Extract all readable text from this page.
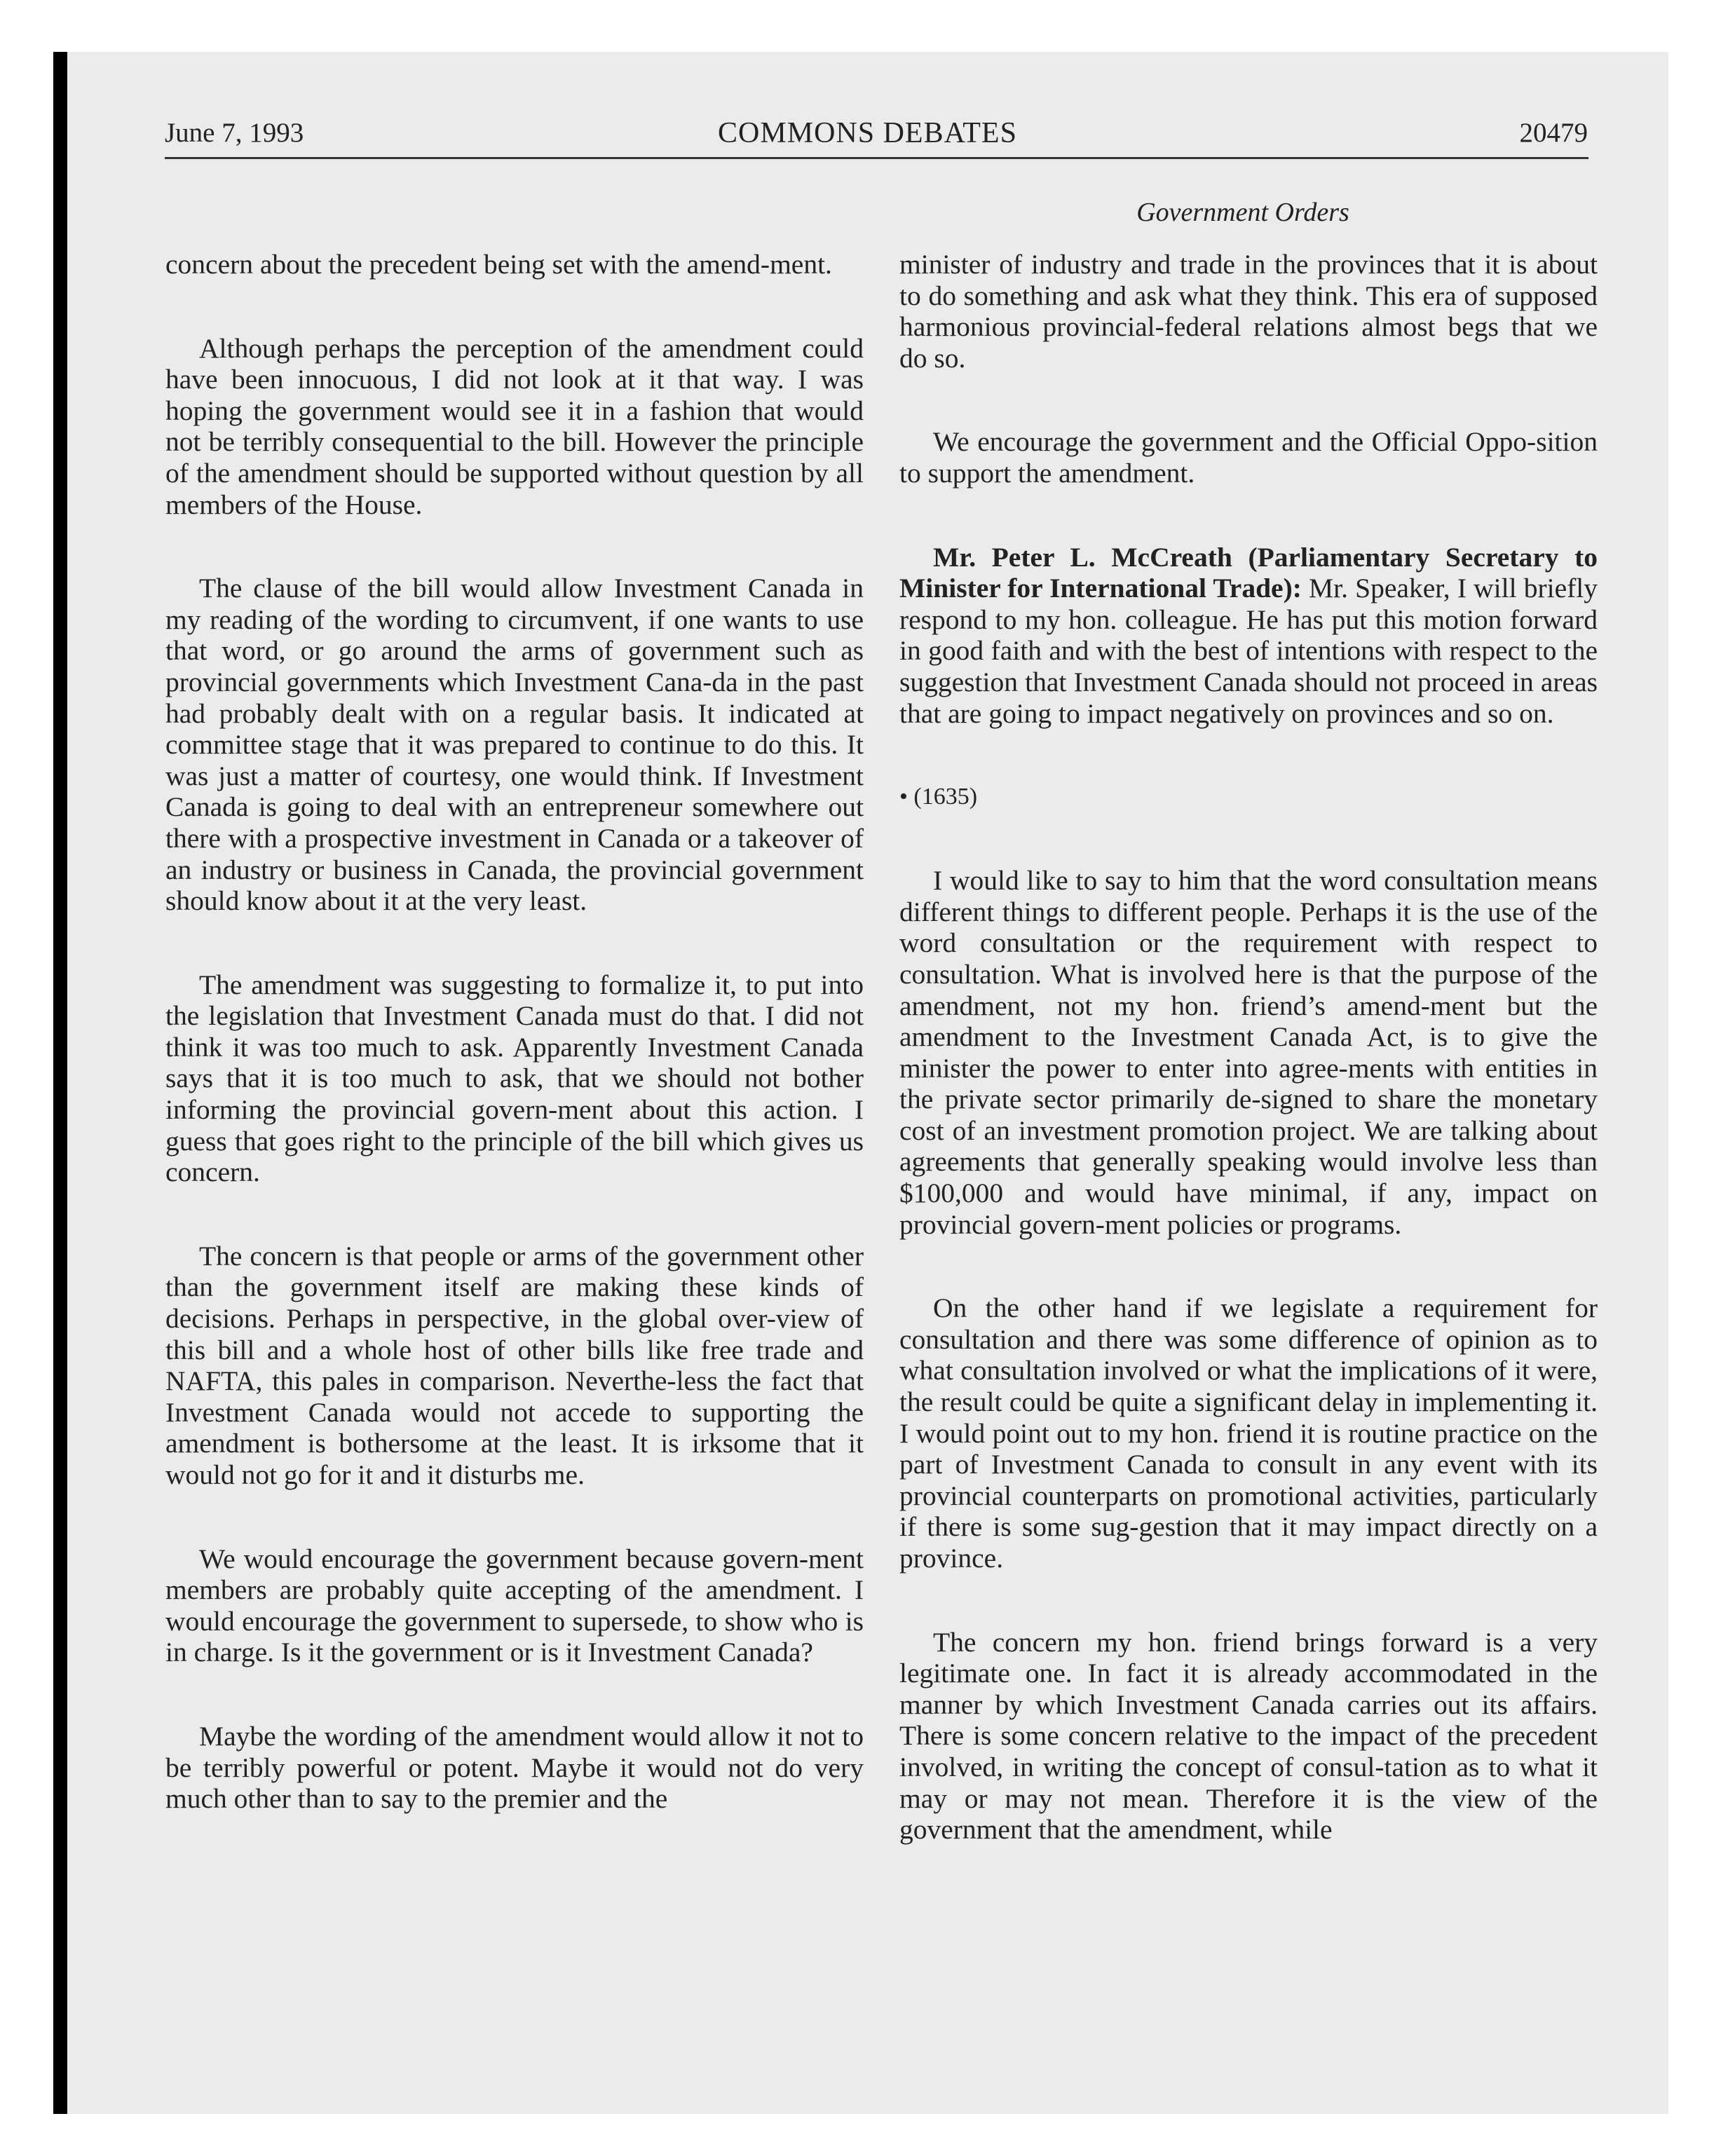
June 7, 1993	COMMONS DEBATES	20479
Government Orders

concern about the precedent being set with the amend-ment.

Although perhaps the perception of the amendment could have been innocuous, I did not look at it that way. I was hoping the government would see it in a fashion that would not be terribly consequential to the bill. However the principle of the amendment should be supported without question by all members of the House.

The clause of the bill would allow Investment Canada in my reading of the wording to circumvent, if one wants to use that word, or go around the arms of government such as provincial governments which Investment Cana-da in the past had probably dealt with on a regular basis. It indicated at committee stage that it was prepared to continue to do this. It was just a matter of courtesy, one would think. If Investment Canada is going to deal with an entrepreneur somewhere out there with a prospective investment in Canada or a takeover of an industry or business in Canada, the provincial government should know about it at the very least.

The amendment was suggesting to formalize it, to put into the legislation that Investment Canada must do that. I did not think it was too much to ask. Apparently Investment Canada says that it is too much to ask, that we should not bother informing the provincial govern-ment about this action. I guess that goes right to the principle of the bill which gives us concern.

The concern is that people or arms of the government other than the government itself are making these kinds of decisions. Perhaps in perspective, in the global over-view of this bill and a whole host of other bills like free trade and NAFTA, this pales in comparison. Neverthe-less the fact that Investment Canada would not accede to supporting the amendment is bothersome at the least. It is irksome that it would not go for it and it disturbs me.

We would encourage the government because govern-ment members are probably quite accepting of the amendment. I would encourage the government to supersede, to show who is in charge. Is it the government or is it Investment Canada?

Maybe the wording of the amendment would allow it not to be terribly powerful or potent. Maybe it would not do very much other than to say to the premier and the

minister of industry and trade in the provinces that it is about to do something and ask what they think. This era of supposed harmonious provincial-federal relations almost begs that we do so.

We encourage the government and the Official Oppo-sition to support the amendment.

Mr. Peter L. McCreath (Parliamentary Secretary to Minister for International Trade): Mr. Speaker, I will briefly respond to my hon. colleague. He has put this motion forward in good faith and with the best of intentions with respect to the suggestion that Investment Canada should not proceed in areas that are going to impact negatively on provinces and so on.

• (1635)

I would like to say to him that the word consultation means different things to different people. Perhaps it is the use of the word consultation or the requirement with respect to consultation. What is involved here is that the purpose of the amendment, not my hon. friend’s amend-ment but the amendment to the Investment Canada Act, is to give the minister the power to enter into agree-ments with entities in the private sector primarily de-signed to share the monetary cost of an investment promotion project. We are talking about agreements that generally speaking would involve less than $100,000 and would have minimal, if any, impact on provincial govern-ment policies or programs.

On the other hand if we legislate a requirement for consultation and there was some difference of opinion as to what consultation involved or what the implications of it were, the result could be quite a significant delay in implementing it. I would point out to my hon. friend it is routine practice on the part of Investment Canada to consult in any event with its provincial counterparts on promotional activities, particularly if there is some sug-gestion that it may impact directly on a province.

The concern my hon. friend brings forward is a very legitimate one. In fact it is already accommodated in the manner by which Investment Canada carries out its affairs. There is some concern relative to the impact of the precedent involved, in writing the concept of consul-tation as to what it may or may not mean. Therefore it is the view of the government that the amendment, while
